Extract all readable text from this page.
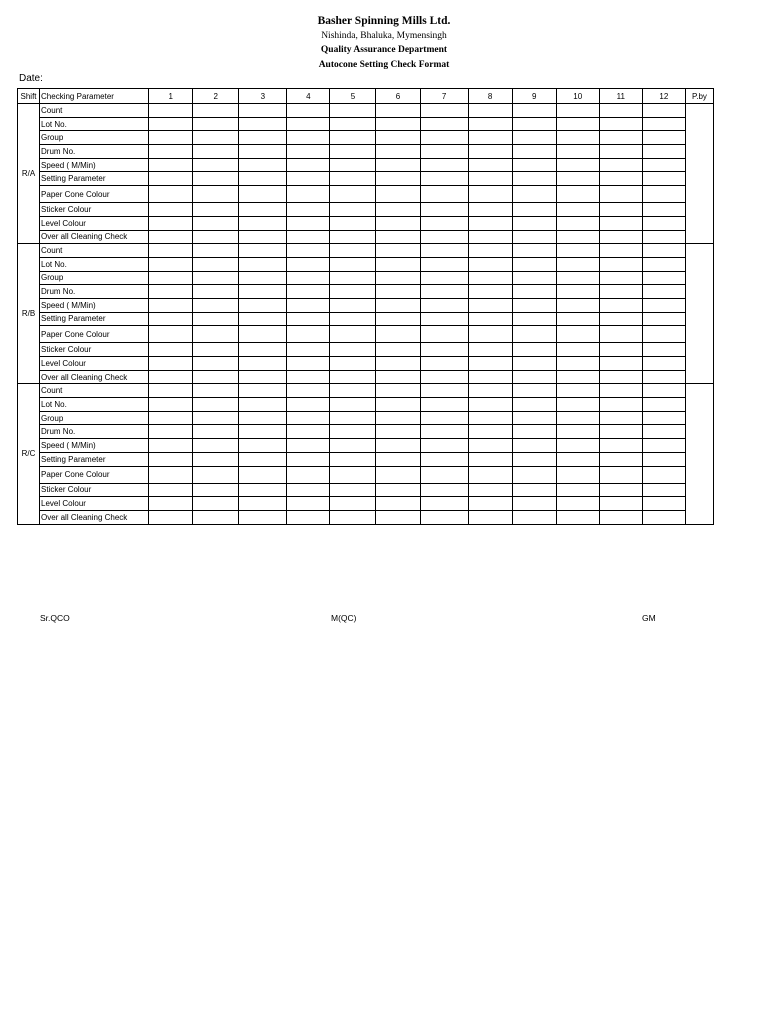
Basher Spinning Mills Ltd.
Nishinda, Bhaluka, Mymensingh
Quality Assurance Department
Autocone Setting Check Format
Date:
Shift	Checking Parameter	1	2	3	4	5	6	7	8	9	10	11	12	P.by
R/A	Count													
	Lot No.													
	Group													
	Drum No.													
	Speed ( M/Min)													
	Setting Parameter													
	Paper Cone Colour													
	Sticker Colour													
	Level Colour													
	Over all Cleaning Check													
R/B	Count													
	Lot No.													
	Group													
	Drum No.													
	Speed ( M/Min)													
	Setting Parameter													
	Paper Cone Colour													
	Sticker Colour													
	Level Colour													
	Over all Cleaning Check													
R/C	Count													
	Lot No.													
	Group													
	Drum No.													
	Speed ( M/Min)													
	Setting Parameter													
	Paper Cone Colour													
	Sticker Colour													
	Level Colour													
	Over all Cleaning Check													
Sr.QCO	M(QC)	GM
